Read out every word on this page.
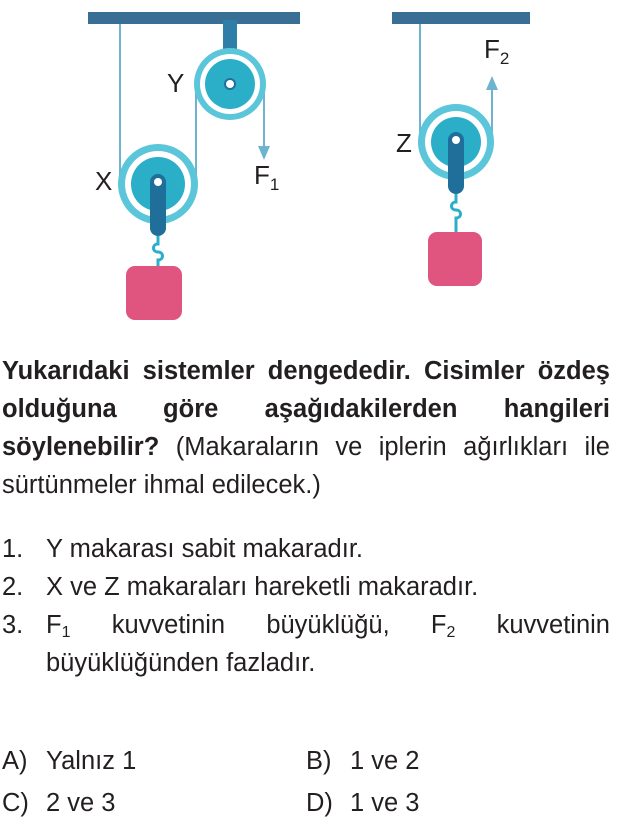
Y
X	$F_1$
Z
$F_2$
Yukarıdaki sistemler dengededir. Cisimler özdeş olduğuna göre aşağıdakilerden hangileri söylenebilir? (Makaraların ve iplerin ağırlıkları ile sürtünmeler ihmal edilecek.)
1. Y makarası sabit makaradır.
2. X ve Z makaraları hareketli makaradır.
3. $F_1$ kuvvetinin büyüklüğü, $F_2$ kuvvetinin büyüklüğünden fazladır.
A) Yalnız 1	B) 1 ve 2
C) 2 ve 3	D) 1 ve 3
